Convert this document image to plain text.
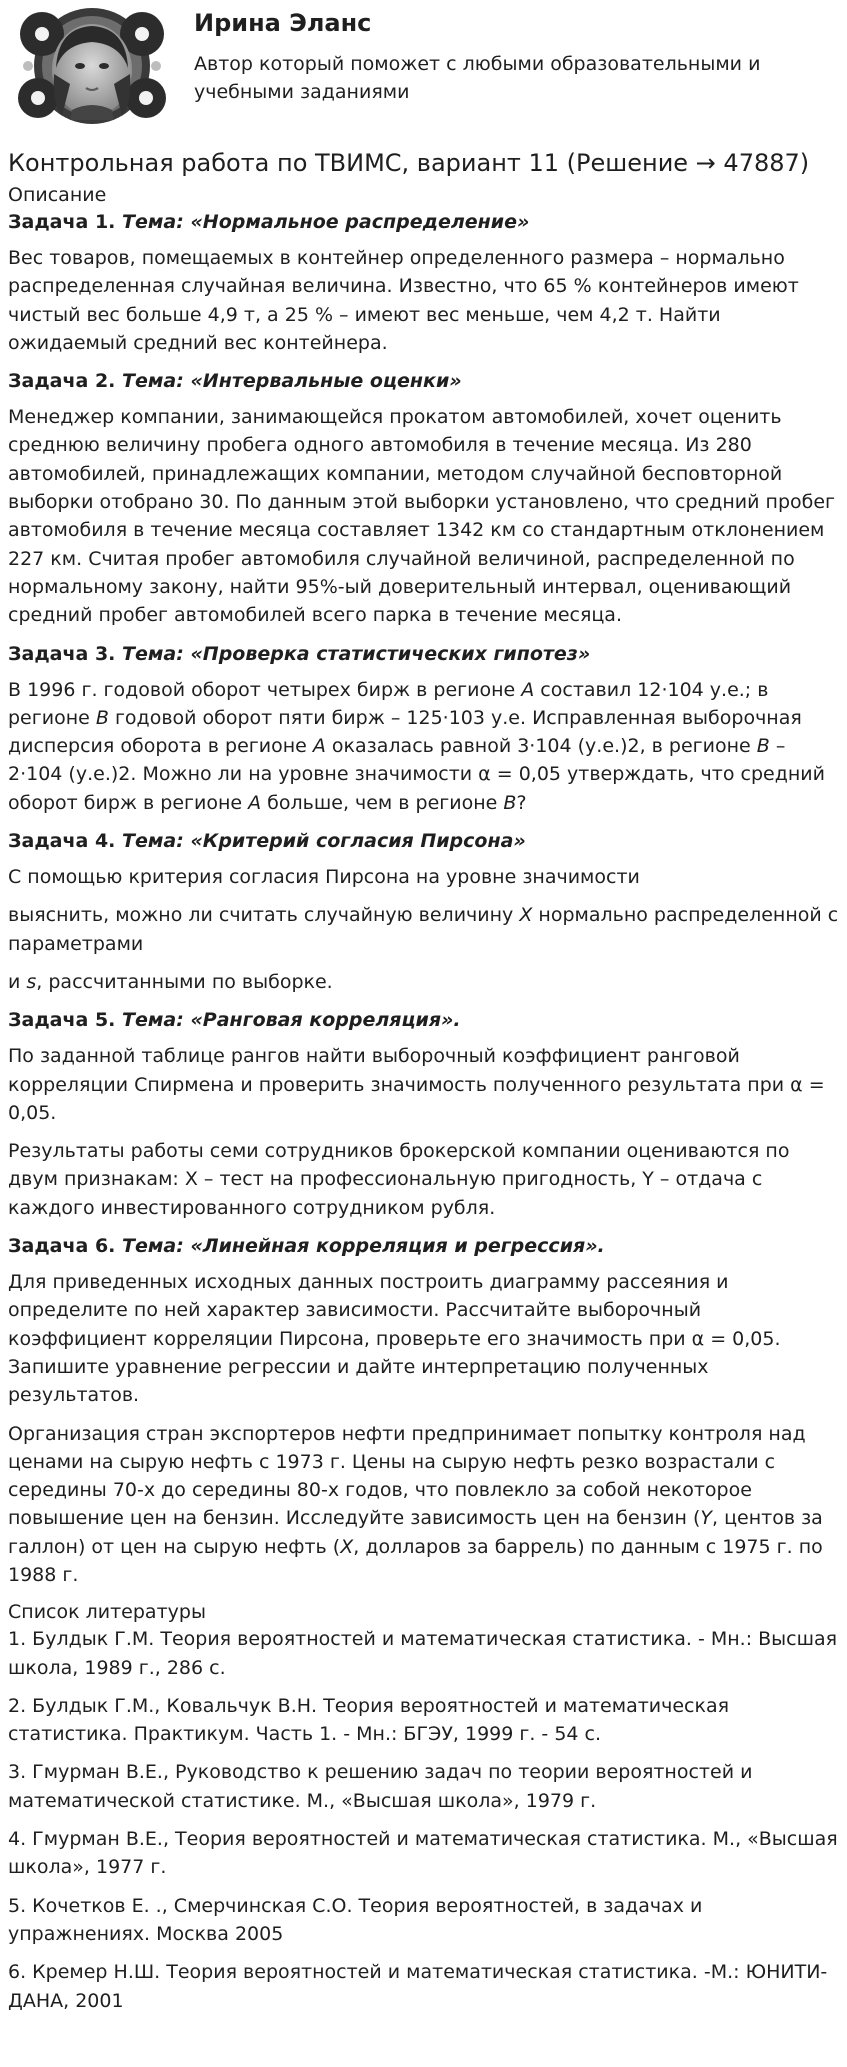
Ирина Эланс

Автор который поможет с любыми образовательными и учебными заданиями

Контрольная работа по ТВИМС, вариант 11 (Решение → 47887)
Описание
Задача 1. Тема: «Нормальное распределение»

Вес товаров, помещаемых в контейнер определенного размера – нормально распределенная случайная величина. Известно, что 65 % контейнеров имеют чистый вес больше 4,9 т, а 25 % – имеют вес меньше, чем 4,2 т. Найти ожидаемый средний вес контейнера.

Задача 2. Тема: «Интервальные оценки»

Менеджер компании, занимающейся прокатом автомобилей, хочет оценить среднюю величину пробега одного автомобиля в течение месяца. Из 280 автомобилей, принадлежащих компании, методом случайной бесповторной выборки отобрано 30. По данным этой выборки установлено, что средний пробег автомобиля в течение месяца составляет 1342 км со стандартным отклонением 227 км. Считая пробег автомобиля случайной величиной, распределенной по нормальному закону, найти 95%-ый доверительный интервал, оценивающий средний пробег автомобилей всего парка в течение месяца.

Задача 3. Тема: «Проверка статистических гипотез»

В 1996 г. годовой оборот четырех бирж в регионе А составил 12·104 у.е.; в регионе В годовой оборот пяти бирж – 125·103 у.е. Исправленная выборочная дисперсия оборота в регионе А оказалась равной 3·104 (у.е.)2, в регионе В – 2·104 (у.е.)2. Можно ли на уровне значимости α = 0,05 утверждать, что средний оборот бирж в регионе А больше, чем в регионе В?

Задача 4. Тема: «Критерий согласия Пирсона»

С помощью критерия согласия Пирсона на уровне значимости

выяснить, можно ли считать случайную величину X нормально распределенной с параметрами

и s, рассчитанными по выборке.

Задача 5. Тема: «Ранговая корреляция».

По заданной таблице рангов найти выборочный коэффициент ранговой корреляции Спирмена и проверить значимость полученного результата при α = 0,05.

Результаты работы семи сотрудников брокерской компании оцениваются по двум признакам: X – тест на профессиональную пригодность, Y – отдача с каждого инвестированного сотрудником рубля.

Задача 6. Тема: «Линейная корреляция и регрессия».

Для приведенных исходных данных построить диаграмму рассеяния и определите по ней характер зависимости. Рассчитайте выборочный коэффициент корреляции Пирсона, проверьте его значимость при α = 0,05. Запишите уравнение регрессии и дайте интерпретацию полученных результатов.

Организация стран экспортеров нефти предпринимает попытку контроля над ценами на сырую нефть с 1973 г. Цены на сырую нефть резко возрастали с середины 70-х до середины 80-х годов, что повлекло за собой некоторое повышение цен на бензин. Исследуйте зависимость цен на бензин (Y, центов за галлон) от цен на сырую нефть (X, долларов за баррель) по данным с 1975 г. по 1988 г.

Список литературы

1. Булдык Г.М. Теория вероятностей и математическая статистика. - Мн.: Высшая школа, 1989 г., 286 с.

2. Булдык Г.М., Ковальчук В.Н. Теория вероятностей и математическая статистика. Практикум. Часть 1. - Мн.: БГЭУ, 1999 г. - 54 с.

3. Гмурман В.Е., Руководство к решению задач по теории вероятностей и математической статистике. М., «Высшая школа», 1979 г.

4. Гмурман В.Е., Теория вероятностей и математическая статистика. М., «Высшая школа», 1977 г.

5. Кочетков Е. ., Смерчинская С.О. Теория вероятностей, в задачах и упражнениях. Москва 2005

6. Кремер Н.Ш. Теория вероятностей и математическая статистика. -М.: ЮНИТИ-ДАНА, 2001
